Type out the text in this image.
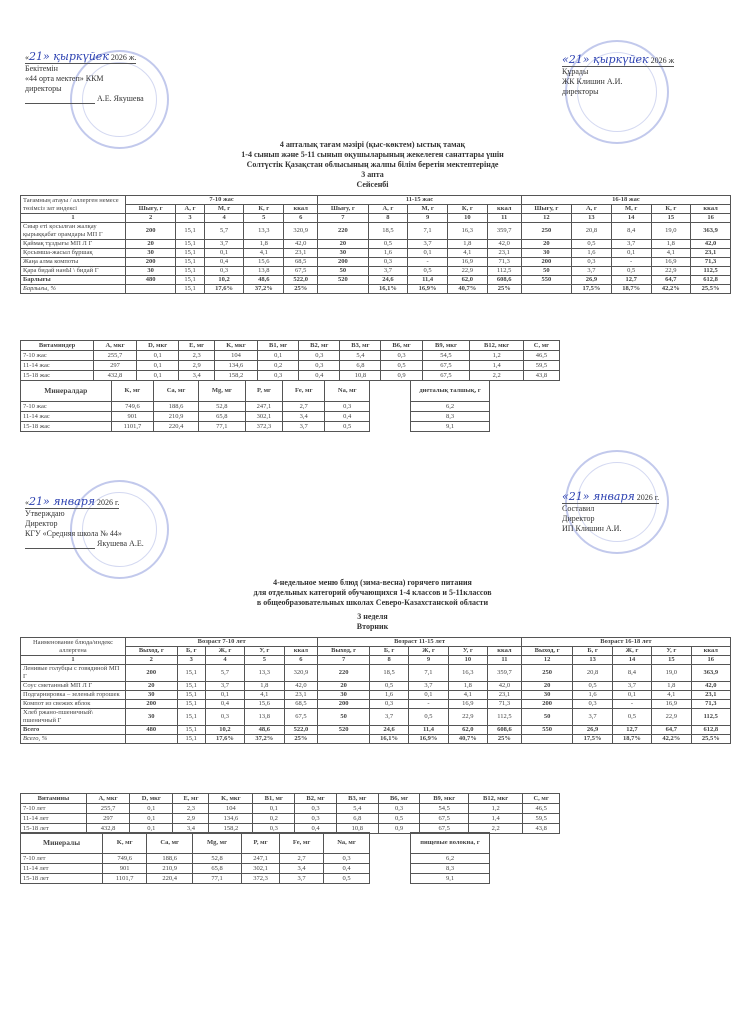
«21» қыркүйек 2026 ж.
Бекітемін
«44 орта мектеп» ККМ
директоры
А.Е. Якушева
«21» қыркүйек 2026 ж
Құрады
ЖК Клишин А.И.
директоры
4 апталық тағам мәзірі (қыс-көктем) ыстық тамақ
1-4 сынып және 5-11 сынып оқушыларының жекелеген санаттары үшін
Солтүстік Қазақстан облысының жалпы білім беретін мектептерінде
3 апта
Сейсенбі
Тағамның атауы / аллерген немесе төзімсіз зат индексі	7-10 жас					11-15 жас					16-18 жас				
	Шығу, г	А, г	М, г	К, г	ккал	Шығу, г	А, г	М, г	К, г	ккал	Шығу, г	А, г	М, г	К, г	ккал
1	2	3	4	5	6	7	8	9	10	11	12	13	14	15	16
Сиыр еті қосылған жалқау қырыққабат орамдары МП Г	200	15,1	5,7	13,3	320,9	220	18,5	7,1	16,3	359,7	250	20,8	8,4	19,0	363,9
Қаймақ тұздығы МП Л Г	20	15,1	3,7	1,8	42,0	20	0,5	3,7	1,8	42,0	20	0,5	3,7	1,8	42,0
Қосымша-жасыл бұршақ	30	15,1	0,1	4,1	23,1	30	1,6	0,1	4,1	23,1	30	1,6	0,1	4,1	23,1
Жаңа алма компоты	200	15,1	0,4	15,6	68,5	200	0,3	-	16,9	71,3	200	0,3	-	16,9	71,3
Қара бидай нанЫ \ бидай Г	30	15,1	0,3	13,8	67,5	50	3,7	0,5	22,9	112,5	50	3,7	0,5	22,9	112,5
Барлығы	480	15,1	10,2	48,6	522,0	520	24,6	11,4	62,0	608,6	550	26,9	12,7	64,7	612,8
Барлығы, %		15,1	17,6%	37,2%	25%		16,1%	16,9%	40,7%	25%		17,5%	18,7%	42,2%	25,5%
Витаминдер	A, мкг	D, мкг	E, мг	K, мкг	B1, мг	B2, мг	B3, мг	B6, мг	B9, мкг	B12, мкг	C, мг
7-10 жас	255,7	0,1	2,3	104	0,1	0,3	5,4	0,3	54,5	1,2	46,5
11-14 жас	297	0,1	2,9	134,6	0,2	0,3	6,8	0,5	67,5	1,4	59,5
15-18 жас	432,8	0,1	3,4	158,2	0,3	0,4	10,8	0,9	67,5	2,2	43,8
Минералдар	K, мг	Ca, мг	Mg, мг	P, мг	Fe, мг	Na, мг
7-10 жас	749,6	188,6	52,8	247,1	2,7	0,3
11-14 жас	901	210,9	65,8	302,1	3,4	0,4
15-18 жас	1101,7	220,4	77,1	372,3	3,7	0,5
диеталық талшық, г
6,2
8,3
9,1
«21» января 2026 г.
Утверждаю
Директор
КГУ «Средняя школа № 44»
Якушева А.Е.
«21» января 2026 г.
Составил
Директор
ИП Клишин А.И.
4-недельное меню блюд (зима-весна) горячего питания
для отдельных категорий обучающихся 1-4 классов и 5-11классов
в общеобразовательных школах Северо-Казахстанской области
3 неделя
Вторник
Наименование блюда/индекс аллергена	Возраст 7-10 лет					Возраст 11-15 лет					Возраст 16-18 лет				
	Выход, г	Б, г	Ж, г	У, г	ккал	Выход, г	Б, г	Ж, г	У, г	ккал	Выход, г	Б, г	Ж, г	У, г	ккал
1	2	3	4	5	6	7	8	9	10	11	12	13	14	15	16
Ленивые голубцы с говядиной МП Г	200	15,1	5,7	13,3	320,9	220	18,5	7,1	16,3	359,7	250	20,8	8,4	19,0	363,9
Соус сметанный МП Л Г	20	15,1	3,7	1,8	42,0	20	0,5	3,7	1,8	42,0	20	0,5	3,7	1,8	42,0
Подгарнировка – зеленый горошек	30	15,1	0,1	4,1	23,1	30	1,6	0,1	4,1	23,1	30	1,6	0,1	4,1	23,1
Компот из свежих яблок	200	15,1	0,4	15,6	68,5	200	0,3	-	16,9	71,3	200	0,3	-	16,9	71,3
Хлеб ржано-пшеничный\ пшеничный Г	30	15,1	0,3	13,8	67,5	50	3,7	0,5	22,9	112,5	50	3,7	0,5	22,9	112,5
Всего	480	15,1	10,2	48,6	522,0	520	24,6	11,4	62,0	608,6	550	26,9	12,7	64,7	612,8
Всего, %		15,1	17,6%	37,2%	25%		16,1%	16,9%	40,7%	25%		17,5%	18,7%	42,2%	25,5%
Витамины	A, мкг	D, мкг	E, мг	K, мкг	B1, мг	B2, мг	B3, мг	B6, мг	B9, мкг	B12, мкг	C, мг
7-10 лет	255,7	0,1	2,3	104	0,1	0,3	5,4	0,3	54,5	1,2	46,5
11-14 лет	297	0,1	2,9	134,6	0,2	0,3	6,8	0,5	67,5	1,4	59,5
15-18 лет	432,8	0,1	3,4	158,2	0,3	0,4	10,8	0,9	67,5	2,2	43,8
Минералы	K, мг	Ca, мг	Mg, мг	P, мг	Fe, мг	Na, мг
7-10 лет	749,6	188,6	52,8	247,1	2,7	0,3
11-14 лет	901	210,9	65,8	302,1	3,4	0,4
15-18 лет	1101,7	220,4	77,1	372,3	3,7	0,5
пищевые волокна, г
6,2
8,3
9,1
